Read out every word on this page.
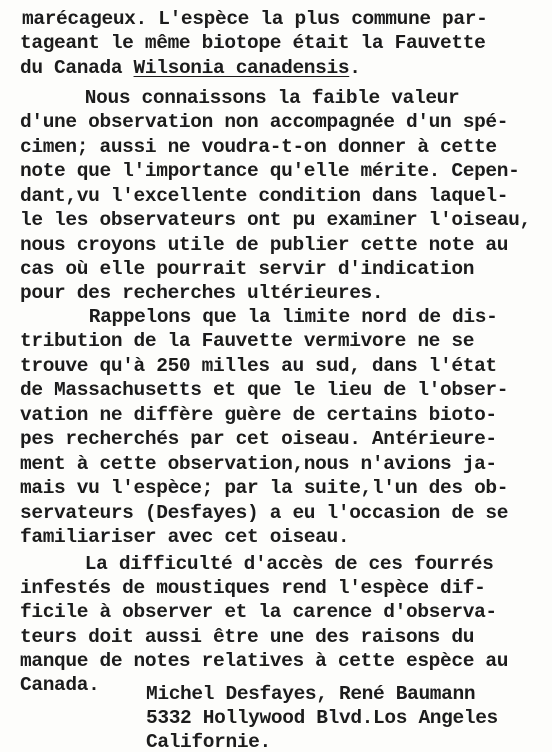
marécageux. L'espèce la plus commune par-
tageant le même biotope était la Fauvette
du Canada Wilsonia canadensis.
Nous connaissons la faible valeur
d'une observation non accompagnée d'un spé-
cimen; aussi ne voudra-t-on donner à cette
note que l'importance qu'elle mérite. Cepen-
dant,vu l'excellente condition dans laquel-
le les observateurs ont pu examiner l'oiseau,
nous croyons utile de publier cette note au
cas où elle pourrait servir d'indication
pour des recherches ultérieures.
Rappelons que la limite nord de dis-
tribution de la Fauvette vermivore ne se
trouve qu'à 250 milles au sud, dans l'état
de Massachusetts et que le lieu de l'obser-
vation ne diffère guère de certains bioto-
pes recherchés par cet oiseau. Antérieure-
ment à cette observation,nous n'avions ja-
mais vu l'espèce; par la suite,l'un des ob-
servateurs (Desfayes) a eu l'occasion de se
familiariser avec cet oiseau.
La difficulté d'accès de ces fourrés
infestés de moustiques rend l'espèce dif-
ficile à observer et la carence d'observa-
teurs doit aussi être une des raisons du
manque de notes relatives à cette espèce au
Canada. Michel Desfayes, René Baumann
5332 Hollywood Blvd.Los Angeles
Californie.
